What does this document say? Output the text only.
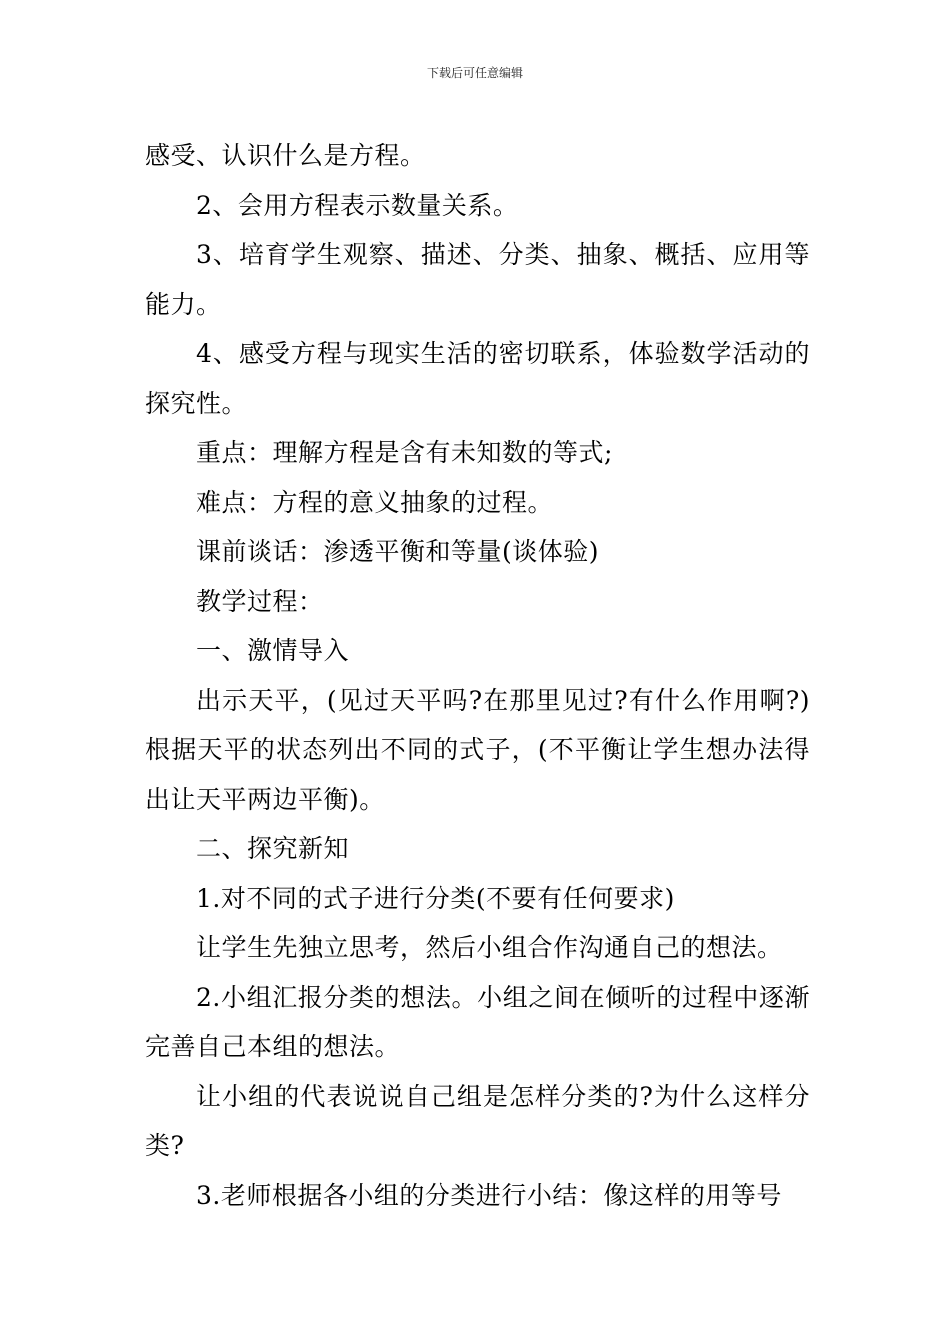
下载后可任意编辑

感受、认识什么是方程。

2、会用方程表示数量关系。

3、培育学生观察、描述、分类、抽象、概括、应用等能力。

4、感受方程与现实生活的密切联系，体验数学活动的探究性。

重点：理解方程是含有未知数的等式;

难点：方程的意义抽象的过程。

课前谈话：渗透平衡和等量(谈体验)

教学过程：

一、激情导入

出示天平，(见过天平吗?在那里见过?有什么作用啊?)根据天平的状态列出不同的式子，(不平衡让学生想办法得出让天平两边平衡)。

二、探究新知

1.对不同的式子进行分类(不要有任何要求)

让学生先独立思考，然后小组合作沟通自己的想法。

2.小组汇报分类的想法。小组之间在倾听的过程中逐渐完善自己本组的想法。

让小组的代表说说自己组是怎样分类的?为什么这样分类?

3.老师根据各小组的分类进行小结：像这样的用等号
